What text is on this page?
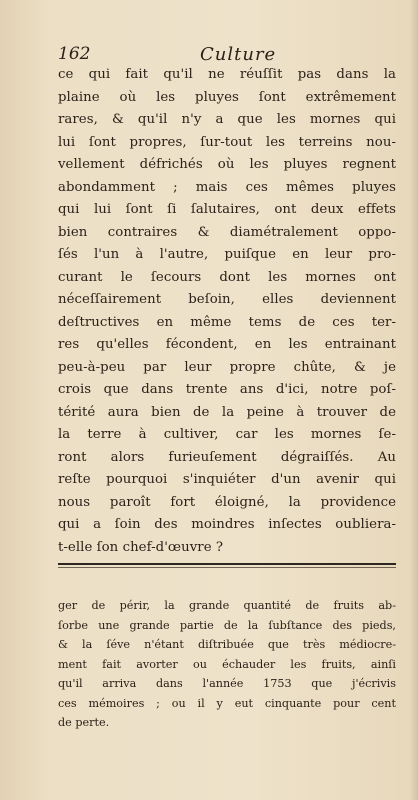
162	Culture
ce qui fait qu'il ne réuſſit pas dans la
plaine où les pluyes ſont extrêmement
rares, & qu'il n'y a que les mornes qui
lui ſont propres, ſur-tout les terreins nou-
vellement défrichés où les pluyes regnent
abondamment ; mais ces mêmes pluyes
qui lui ſont ſi ſalutaires, ont deux effets
bien contraires & diamétralement oppo-
ſés l'un à l'autre, puiſque en leur pro-
curant le ſecours dont les mornes ont
néceſſairement beſoin, elles deviennent
deſtructives en même tems de ces ter-
res qu'elles fécondent, en les entrainant
peu-à-peu par leur propre chûte, & je
crois que dans trente ans d'ici, notre poſ-
térité aura bien de la peine à trouver de
la terre à cultiver, car les mornes ſe-
ront alors furieuſement dégraiſſés. Au
reſte pourquoi s'inquiéter d'un avenir qui
nous paroît fort éloigné, la providence
qui a ſoin des moindres inſectes oubliera-
t-elle ſon chef-d'œuvre ?
ger de périr, la grande quantité de fruits ab-
ſorbe une grande partie de la ſubſtance des pieds,
& la ſéve n'étant diſtribuée que très médiocre-
ment fait avorter ou échauder les fruits, ainſi
qu'il arriva dans l'année 1753 que j'écrivis
ces mémoires ; ou il y eut cinquante pour cent
de perte.
